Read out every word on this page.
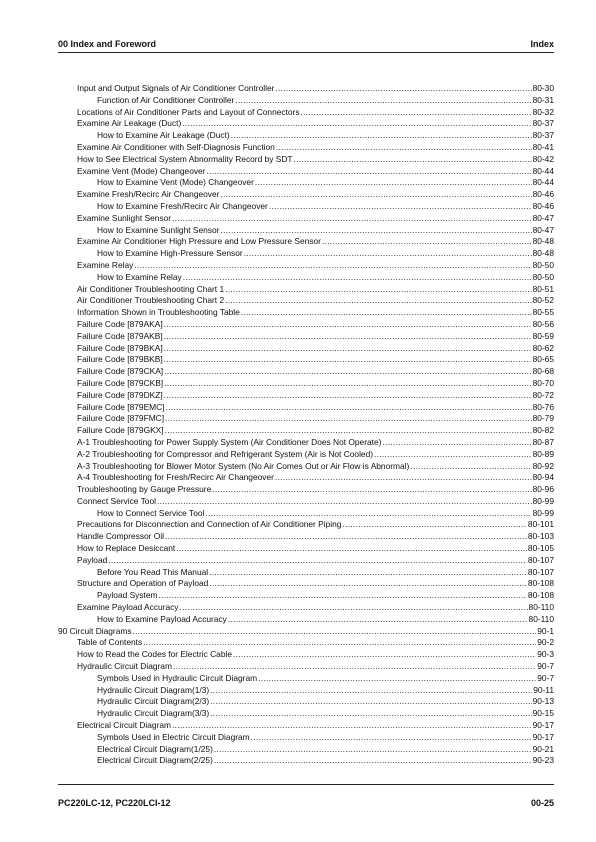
00 Index and Foreword	Index
Input and Output Signals of Air Conditioner Controller .....	80-30
Function of Air Conditioner Controller .....	80-31
Locations of Air Conditioner Parts and Layout of Connectors .....	80-32
Examine Air Leakage (Duct) .....	80-37
How to Examine Air Leakage (Duct) .....	80-37
Examine Air Conditioner with Self-Diagnosis Function .....	80-41
How to See Electrical System Abnormality Record by SDT .....	80-42
Examine Vent (Mode) Changeover .....	80-44
How to Examine Vent (Mode) Changeover .....	80-44
Examine Fresh/Recirc Air Changeover .....	80-46
How to Examine Fresh/Recirc Air Changeover .....	80-46
Examine Sunlight Sensor .....	80-47
How to Examine Sunlight Sensor .....	80-47
Examine Air Conditioner High Pressure and Low Pressure Sensor .....	80-48
How to Examine High-Pressure Sensor .....	80-48
Examine Relay .....	80-50
How to Examine Relay .....	80-50
Air Conditioner Troubleshooting Chart 1 .....	80-51
Air Conditioner Troubleshooting Chart 2 .....	80-52
Information Shown in Troubleshooting Table .....	80-55
Failure Code [879AKA] .....	80-56
Failure Code [879AKB] .....	80-59
Failure Code [879BKA] .....	80-62
Failure Code [879BKB] .....	80-65
Failure Code [879CKA] .....	80-68
Failure Code [879CKB] .....	80-70
Failure Code [879DKZ] .....	80-72
Failure Code [879EMC] .....	80-76
Failure Code [879FMC] .....	80-79
Failure Code [879GKX] .....	80-82
A-1 Troubleshooting for Power Supply System (Air Conditioner Does Not Operate) .....	80-87
A-2 Troubleshooting for Compressor and Refrigerant System (Air is Not Cooled) .....	80-89
A-3 Troubleshooting for Blower Motor System (No Air Comes Out or Air Flow is Abnormal) .....	80-92
A-4 Troubleshooting for Fresh/Recirc Air Changeover .....	80-94
Troubleshooting by Gauge Pressure .....	80-96
Connect Service Tool .....	80-99
How to Connect Service Tool .....	80-99
Precautions for Disconnection and Connection of Air Conditioner Piping .....	80-101
Handle Compressor Oil .....	80-103
How to Replace Desiccant .....	80-105
Payload .....	80-107
Before You Read This Manual .....	80-107
Structure and Operation of Payload .....	80-108
Payload System .....	80-108
Examine Payload Accuracy .....	80-110
How to Examine Payload Accuracy .....	80-110
90 Circuit Diagrams .....	90-1
Table of Contents .....	90-2
How to Read the Codes for Electric Cable .....	90-3
Hydraulic Circuit Diagram .....	90-7
Symbols Used in Hydraulic Circuit Diagram .....	90-7
Hydraulic Circuit Diagram(1/3) .....	90-11
Hydraulic Circuit Diagram(2/3) .....	90-13
Hydraulic Circuit Diagram(3/3) .....	90-15
Electrical Circuit Diagram .....	90-17
Symbols Used in Electric Circuit Diagram .....	90-17
Electrical Circuit Diagram(1/25) .....	90-21
Electrical Circuit Diagram(2/25) .....	90-23
PC220LC-12, PC220LCI-12	00-25
